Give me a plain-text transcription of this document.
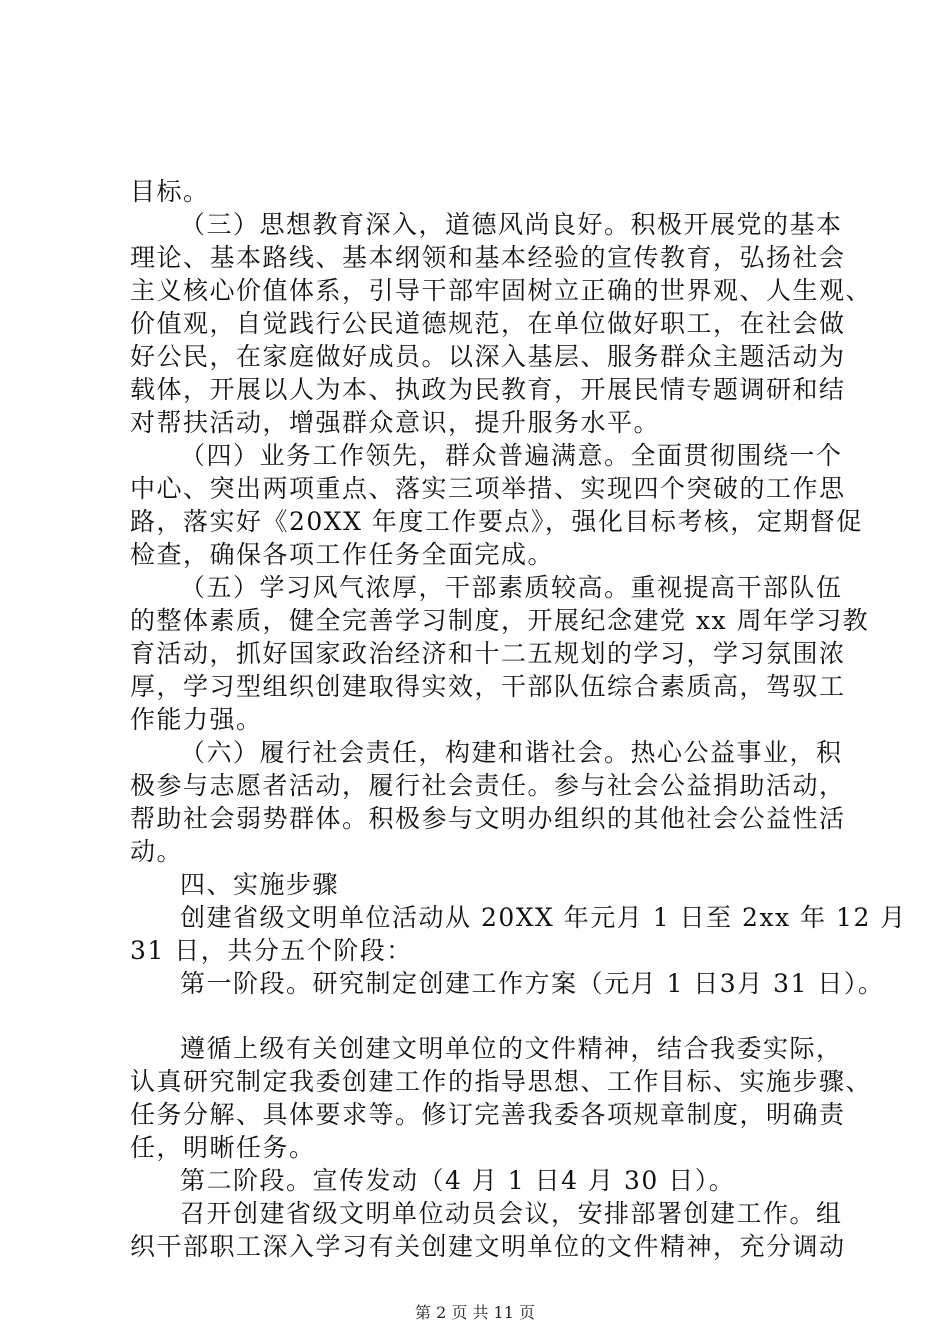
目标。
（三）思想教育深入，道德风尚良好。积极开展党的基本
理论、基本路线、基本纲领和基本经验的宣传教育，弘扬社会
主义核心价值体系，引导干部牢固树立正确的世界观、人生观、
价值观，自觉践行公民道德规范，在单位做好职工，在社会做
好公民，在家庭做好成员。以深入基层、服务群众主题活动为
载体，开展以人为本、执政为民教育，开展民情专题调研和结
对帮扶活动，增强群众意识，提升服务水平。
（四）业务工作领先，群众普遍满意。全面贯彻围绕一个
中心、突出两项重点、落实三项举措、实现四个突破的工作思
路，落实好《20XX 年度工作要点》，强化目标考核，定期督促
检查，确保各项工作任务全面完成。
（五）学习风气浓厚，干部素质较高。重视提高干部队伍
的整体素质，健全完善学习制度，开展纪念建党 xx 周年学习教
育活动，抓好国家政治经济和十二五规划的学习，学习氛围浓
厚，学习型组织创建取得实效，干部队伍综合素质高，驾驭工
作能力强。
（六）履行社会责任，构建和谐社会。热心公益事业，积
极参与志愿者活动，履行社会责任。参与社会公益捐助活动，
帮助社会弱势群体。积极参与文明办组织的其他社会公益性活
动。
四、实施步骤
创建省级文明单位活动从 20XX 年元月 1 日至 2xx 年 12 月
31 日，共分五个阶段：
第一阶段。研究制定创建工作方案（元月 1 日3月 31 日）。
遵循上级有关创建文明单位的文件精神，结合我委实际，
认真研究制定我委创建工作的指导思想、工作目标、实施步骤、
任务分解、具体要求等。修订完善我委各项规章制度，明确责
任，明晰任务。
第二阶段。宣传发动（4 月 1 日4 月 30 日）。
召开创建省级文明单位动员会议，安排部署创建工作。组
织干部职工深入学习有关创建文明单位的文件精神，充分调动
第 2 页 共 11 页
